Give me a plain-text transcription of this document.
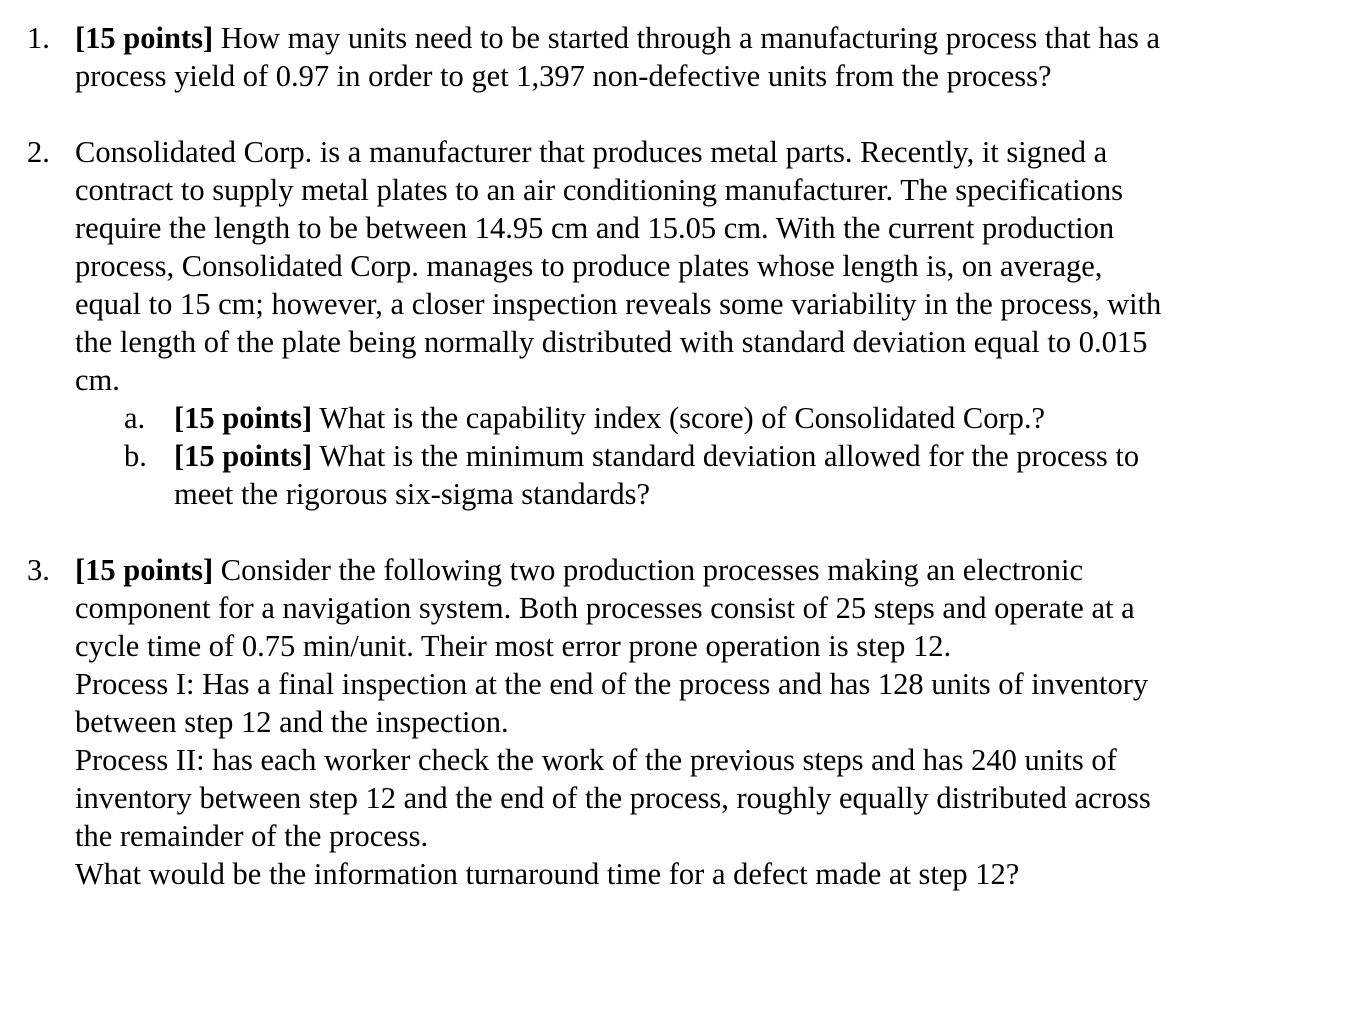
1. [15 points] How may units need to be started through a manufacturing process that has a
process yield of 0.97 in order to get 1,397 non-defective units from the process?
2. Consolidated Corp. is a manufacturer that produces metal parts. Recently, it signed a
contract to supply metal plates to an air conditioning manufacturer. The specifications
require the length to be between 14.95 cm and 15.05 cm. With the current production
process, Consolidated Corp. manages to produce plates whose length is, on average,
equal to 15 cm; however, a closer inspection reveals some variability in the process, with
the length of the plate being normally distributed with standard deviation equal to 0.015
cm.
a. [15 points] What is the capability index (score) of Consolidated Corp.?
b. [15 points] What is the minimum standard deviation allowed for the process to
meet the rigorous six-sigma standards?
3. [15 points] Consider the following two production processes making an electronic
component for a navigation system. Both processes consist of 25 steps and operate at a
cycle time of 0.75 min/unit. Their most error prone operation is step 12.
Process I: Has a final inspection at the end of the process and has 128 units of inventory
between step 12 and the inspection.
Process II: has each worker check the work of the previous steps and has 240 units of
inventory between step 12 and the end of the process, roughly equally distributed across
the remainder of the process.
What would be the information turnaround time for a defect made at step 12?
